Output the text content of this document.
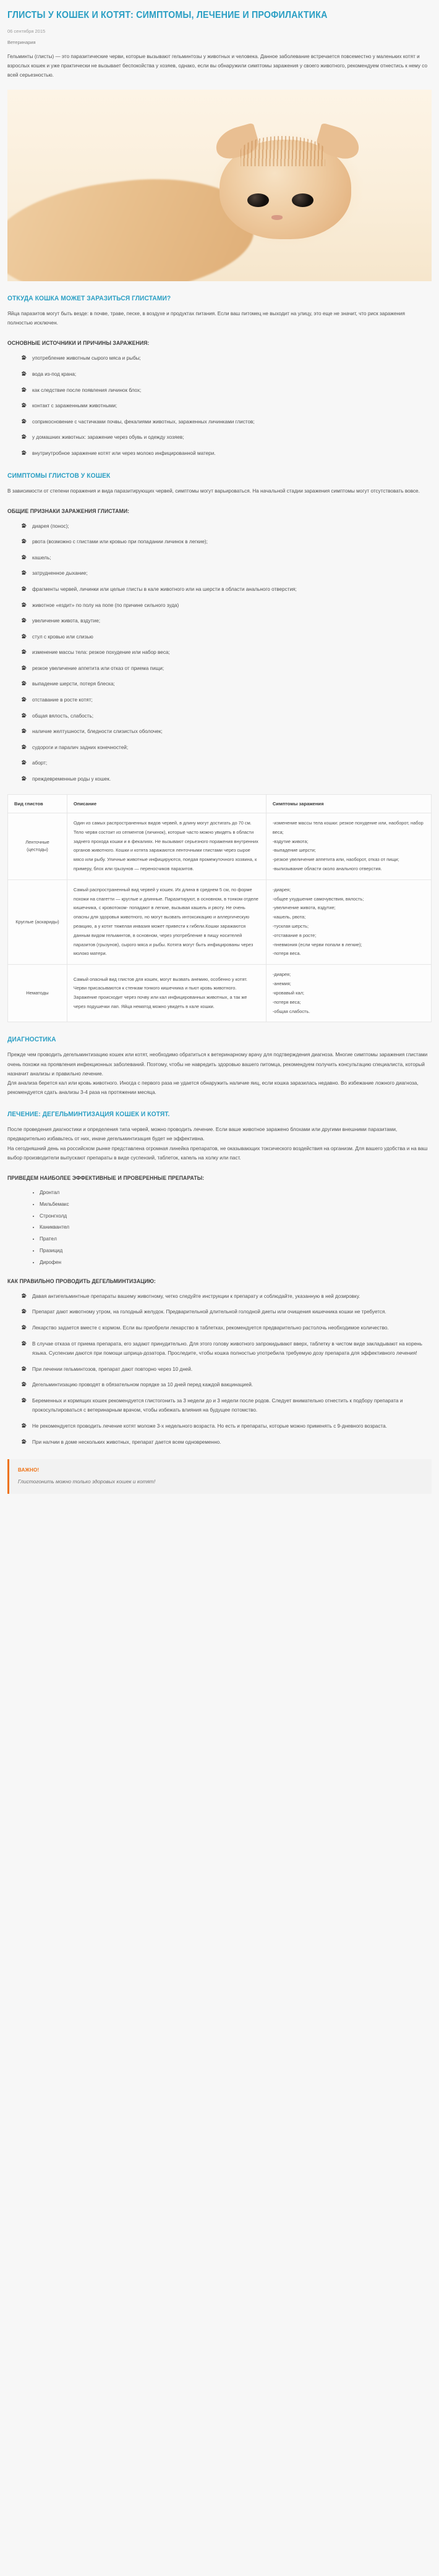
ГЛИСТЫ У КОШЕК И КОТЯТ: СИМПТОМЫ, ЛЕЧЕНИЕ И ПРОФИЛАКТИКА
06 сентября 2015
Ветеринария

Гельминты (глисты) — это паразитические черви, которые вызывают гельминтозы у животных и человека. Данное заболевание встречается повсеместно у маленьких котят и взрослых кошек и уже практически не вызывает беспокойства у хозяев, однако, если вы обнаружили симптомы заражения у своего животного, рекомендуем отнестись к нему со всей серьезностью.

ОТКУДА КОШКА МОЖЕТ ЗАРАЗИТЬСЯ ГЛИСТАМИ?

Яйца паразитов могут быть везде: в почве, траве, песке, в воздухе и продуктах питания. Если ваш питомец не выходит на улицу, это еще не значит, что риск заражения полностью исключен.

ОСНОВНЫЕ ИСТОЧНИКИ И ПРИЧИНЫ ЗАРАЖЕНИЯ:
употребление животным сырого мяса и рыбы;
вода из-под крана;
как следствие после появления личинок блох;
контакт с зараженными животными;
соприкосновение с частичками почвы, фекалиями животных, зараженных личинками глистов;
у домашних животных: заражение через обувь и одежду хозяев;
внутриутробное заражение котят или через молоко инфицированной матери.
СИМПТОМЫ ГЛИСТОВ У КОШЕК

В зависимости от степени поражения и вида паразитирующих червей, симптомы могут варьироваться. На начальной стадии заражения симптомы могут отсутствовать вовсе.

ОБЩИЕ ПРИЗНАКИ ЗАРАЖЕНИЯ ГЛИСТАМИ:
диарея (понос);
рвота (возможно с глистами или кровью при попадании личинок в легкие);
кашель;
затрудненное дыхание;
фрагменты червей, личинки или целые глисты в кале животного или на шерсти в области анального отверстия;
животное «ездит» по полу на попе (по причине сильного зуда)
увеличение живота, вздутие;
стул с кровью или слизью
изменение массы тела: резкое похудение или набор веса;
резкое увеличение аппетита или отказ от приема пищи;
выпадение шерсти, потеря блеска;
отставание в росте котят;
общая вялость, слабость;
наличие желтушности, бледности слизистых оболочек;
судороги и паралич задних конечностей;
аборт;
преждевременные роды у кошек.
Вид глистов	Описание	Симптомы заражения
Ленточные (цестоды)	Один из самых распространенных видов червей, в длину могут достигать до 70 см. Тело червя состоит из сегментов (личинок), которые часто можно увидеть в области заднего прохода кошки и в фекалиях. Не вызывают серьезного поражения внутренних органов животного. Кошки и котята заражаются ленточными глистами через сырое мясо или рыбу. Уличные животные инфицируются, поедая промежуточного хозяина, к примеру, блох или грызунов — переносчиков паразитов.	
-изменение массы тела кошки: резкое похудение или, наоборот, набор веса;
-вздутие живота;
-выпадение шерсти;
-резкое увеличение аппетита или, наоборот, отказ от пищи;
-вылизывание области около анального отверстия.

Круглые (аскариды)	Самый распространенный вид червей у кошек. Их длина в среднем 5 см, по форме похожи на спагетти — круглые и длинные. Паразитируют, в основном, в тонком отделе кишечника, с кровотоком- попадают в легкие, вызывая кашель и рвоту. Не очень опасны для здоровья животного, но могут вызвать интоксикацию и аллергическую реакцию, а у котят тяжелая инвазия может привести к гибели.Кошки заражаются данным видом гельминтов, в основном, через употребление в пищу носителей паразитов (грызунов), сырого мяса и рыбы. Котята могут быть инфицированы через молоко матери.	
-диарея;
-общее ухудшение самочувствия, вялость;
-увеличение живота, вздутие;
-кашель, рвота;
-тусклая шерсть;
-отставание в росте;
-пневмония (если черви попали в легкие);
-потеря веса.

Нематоды	Самый опасный вид глистов для кошек, могут вызвать анемию, особенно у котят. Черви присасываются к стенкам тонкого кишечника и пьют кровь животного. Заражение происходит через почву или кал инфицированных животных, а так же через подушечки лап. Яйца нематод можно увидеть в кале кошки.	
-диарея;
-анемия;
-кровавый кал;
-потеря веса;
-общая слабость.
ДИАГНОСТИКА

Прежде чем проводить дегельминтизацию кошек или котят, необходимо обратиться к ветеринарному врачу для подтверждения диагноза. Многие симптомы заражения глистами очень похожи на проявления инфекционных заболеваний. Поэтому, чтобы не навредить здоровью вашего питомца, рекомендуем получить консультацию специалиста, который назначит анализы и правильно лечение.

Для анализа берется кал или кровь животного. Иногда с первого раза не удается обнаружить наличие яиц, если кошка заразилась недавно. Во избежание ложного диагноза, рекомендуется сдать анализы 3-4 раза на протяжении месяца.

ЛЕЧЕНИЕ: ДЕГЕЛЬМИНТИЗАЦИЯ КОШЕК И КОТЯТ.

После проведения диагностики и определения типа червей, можно проводить лечение. Если ваше животное заражено блохами или другими внешними паразитами, предварительно избавьтесь от них, иначе дегельминтизация будет не эффективна.

На сегодняшний день на российском рынке представлена огромная линейка препаратов, не оказывающих токсического воздействия на организм. Для вашего удобства и на ваш выбор производители выпускают препараты в виде суспензий, таблеток, капель на холку или паст.

ПРИВЕДЕМ НАИБОЛЕЕ ЭФФЕКТИВНЫЕ И ПРОВЕРЕННЫЕ ПРЕПАРАТЫ:
• Дронтал
• Мильбемакс
• Стронгхолд
• Каниквантел
• Пратeл
• Празицид
• Дирофен
КАК ПРАВИЛЬНО ПРОВОДИТЬ ДЕГЕЛЬМИНТИЗАЦИЮ:
Давая антигельминтные препараты вашему животному, четко следуйте инструкции к препарату и соблюдайте, указанную в ней дозировку.
Препарат дают животному утром, на голодный желудок. Предварительной длительной голодной диеты или очищения кишечника кошки не требуется.
Лекарство задается вместе с кормом. Если вы приобрели лекарство в таблетках, рекомендуется предварительно растолочь необходимое количество.
В случае отказа от приема препарата, его задают принудительно. Для этого голову животного запрокидывают вверх, таблетку в чистом виде закладывают на корень языка. Суспензии даются при помощи шприца-дозатора. Проследите, чтобы кошка полностью употребила требуемую дозу препарата для эффективного лечения!
При лечении гельминтозов, препарат дают повторно через 10 дней.
Дегельминтизацию проводят в обязательном порядке за 10 дней перед каждой вакцинацией.
Беременных и кормящих кошек рекомендуется глистогонить за 3 недели до и 3 недели после родов. Следует внимательно отнестить к подбору препарата и прокосультироваться с ветеринарным врачом, чтобы избежать влияния на будущее потомство.
Не рекомендуется проводить лечение котят моложе 3-х недельного возраста. Но есть и препараты, которые можно применять с 9-дневного возраста.
При налчии в доме нескольких животных, препарат дается всем одновременно.
ВАЖНО!
Глистогонить можно только здоровых кошек и котят!
